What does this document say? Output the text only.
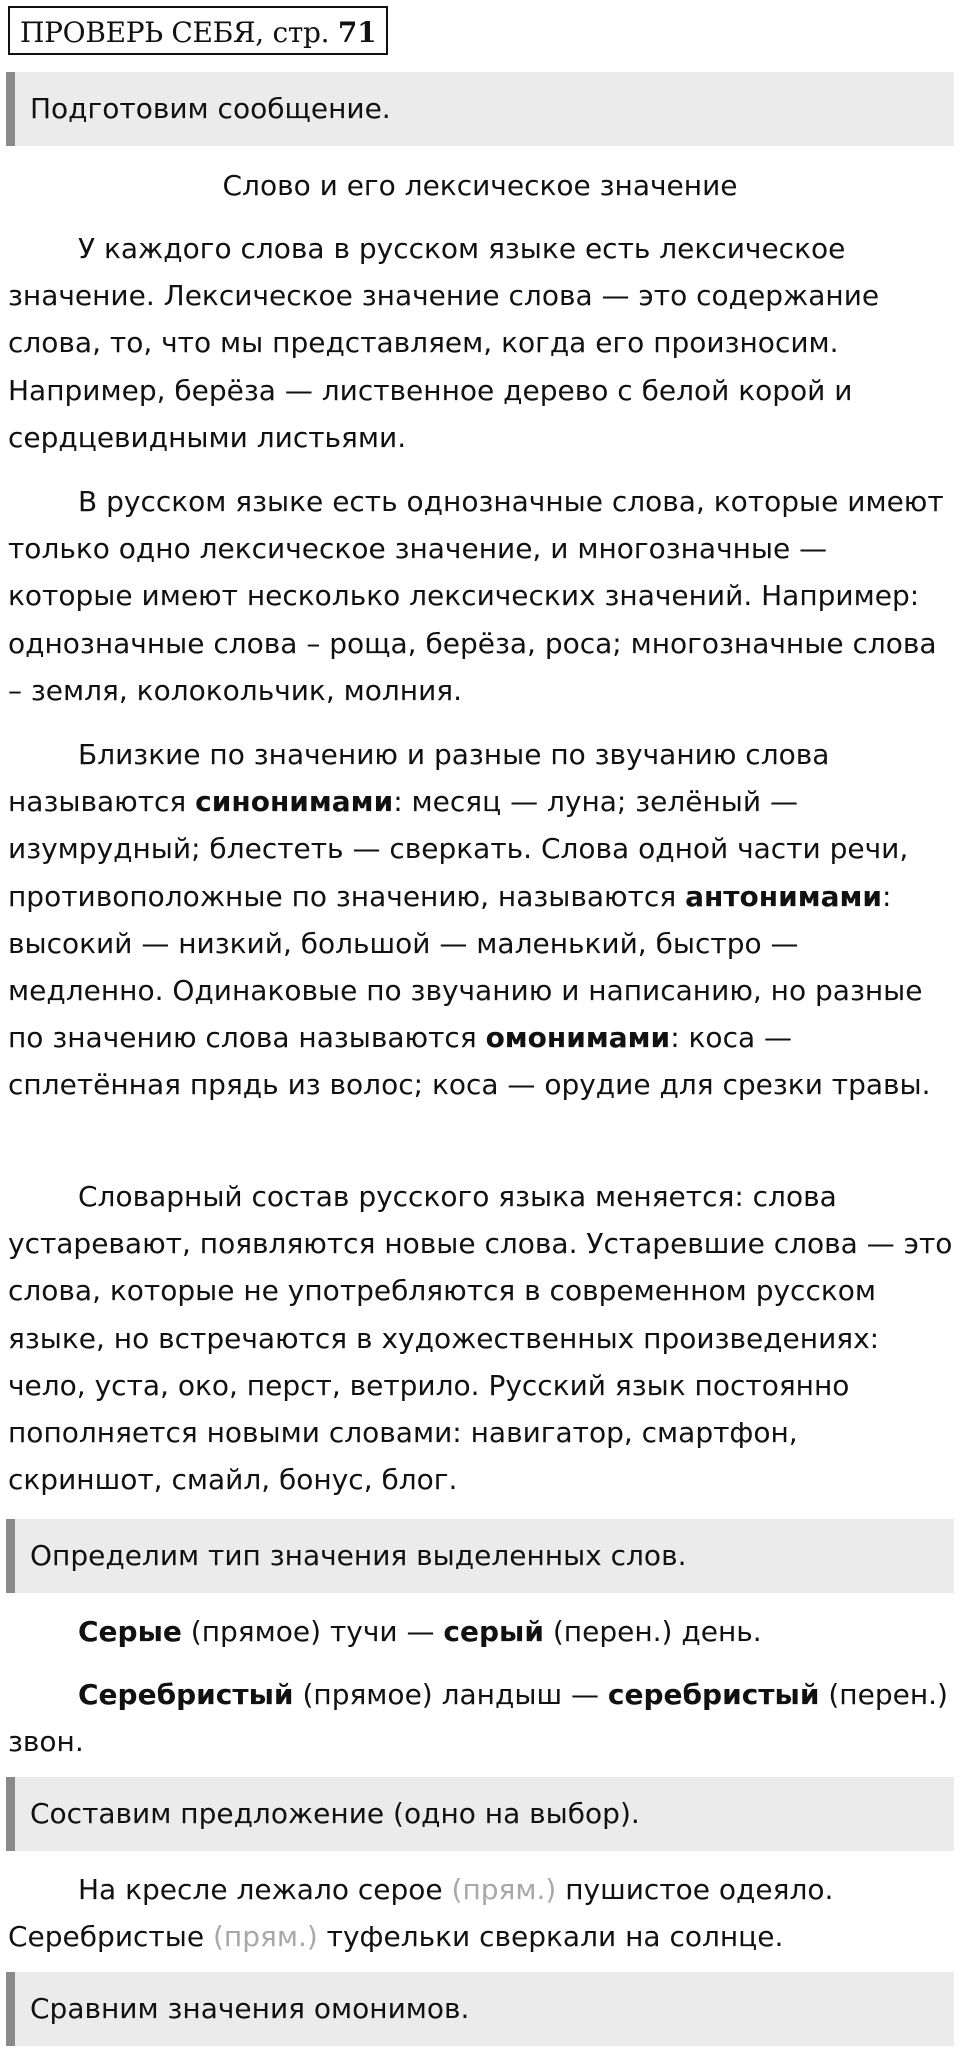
ПРОВЕРЬ СЕБЯ, стр. 71
Подготовим сообщение.
Слово и его лексическое значение

У каждого слова в русском языке есть лексическое значение. Лексическое значение слова — это содержание слова, то, что мы представляем, когда его произносим. Например, берёза — лиственное дерево с белой корой и сердцевидными листьями.

В русском языке есть однозначные слова, которые имеют только одно лексическое значение, и многозначные — которые имеют несколько лексических значений. Например: однозначные слова – роща, берёза, роса; многозначные слова – земля, колокольчик, молния.

Близкие по значению и разные по звучанию слова называются синонимами: месяц — луна; зелёный — изумрудный; блестеть — сверкать. Слова одной части речи, противоположные по значению, называются антонимами: высокий — низкий, большой — маленький, быстро — медленно. Одинаковые по звучанию и написанию, но разные по значению слова называются омонимами: коса — сплетённая прядь из волос; коса — орудие для срезки травы.

Словарный состав русского языка меняется: слова устаревают, появляются новые слова. Устаревшие слова — это слова, которые не употребляются в современном русском языке, но встречаются в художественных произведениях: чело, уста, око, перст, ветрило. Русский язык постоянно пополняется новыми словами: навигатор, смартфон, скриншот, смайл, бонус, блог.

Определим тип значения выделенных слов.

Серые (прямое) тучи — серый (перен.) день.

Серебристый (прямое) ландыш — серебристый (перен.) звон.

Составим предложение (одно на выбор).

На кресле лежало серое (прям.) пушистое одеяло.
Серебристые (прям.) туфельки сверкали на солнце.

Сравним значения омонимов.
